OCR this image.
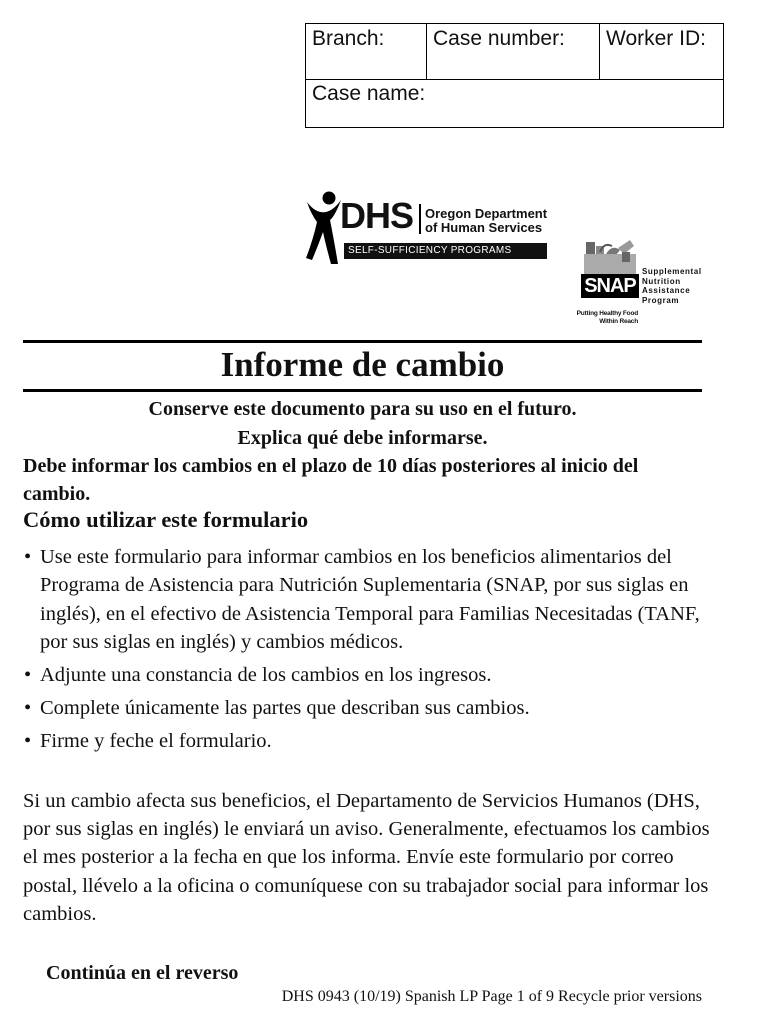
Branch:	Case number:	Worker ID:
Case name:
DHS Oregon Department
of Human Services
SELF-SUFFICIENCY PROGRAMS
SNAP
Supplemental
Nutrition
Assistance
Program
Putting Healthy Food
Within Reach
Informe de cambio
Conserve este documento para su uso en el futuro.
Explica qué debe informarse.
Debe informar los cambios en el plazo de 10 días posteriores al inicio del cambio.
Cómo utilizar este formulario
• Use este formulario para informar cambios en los beneficios alimentarios del Programa de Asistencia para Nutrición Suplementaria (SNAP, por sus siglas en inglés), en el efectivo de Asistencia Temporal para Familias Necesitadas (TANF, por sus siglas en inglés) y cambios médicos.
• Adjunte una constancia de los cambios en los ingresos.
• Complete únicamente las partes que describan sus cambios.
• Firme y feche el formulario.

Si un cambio afecta sus beneficios, el Departamento de Servicios Humanos (DHS, por sus siglas en inglés) le enviará un aviso. Generalmente, efectuamos los cambios el mes posterior a la fecha en que los informa. Envíe este formulario por correo postal, llévelo a la oficina o comuníquese con su trabajador social para informar los cambios.

Continúa en el reverso
DHS 0943 (10/19) Spanish LP Page 1 of 9 Recycle prior versions
